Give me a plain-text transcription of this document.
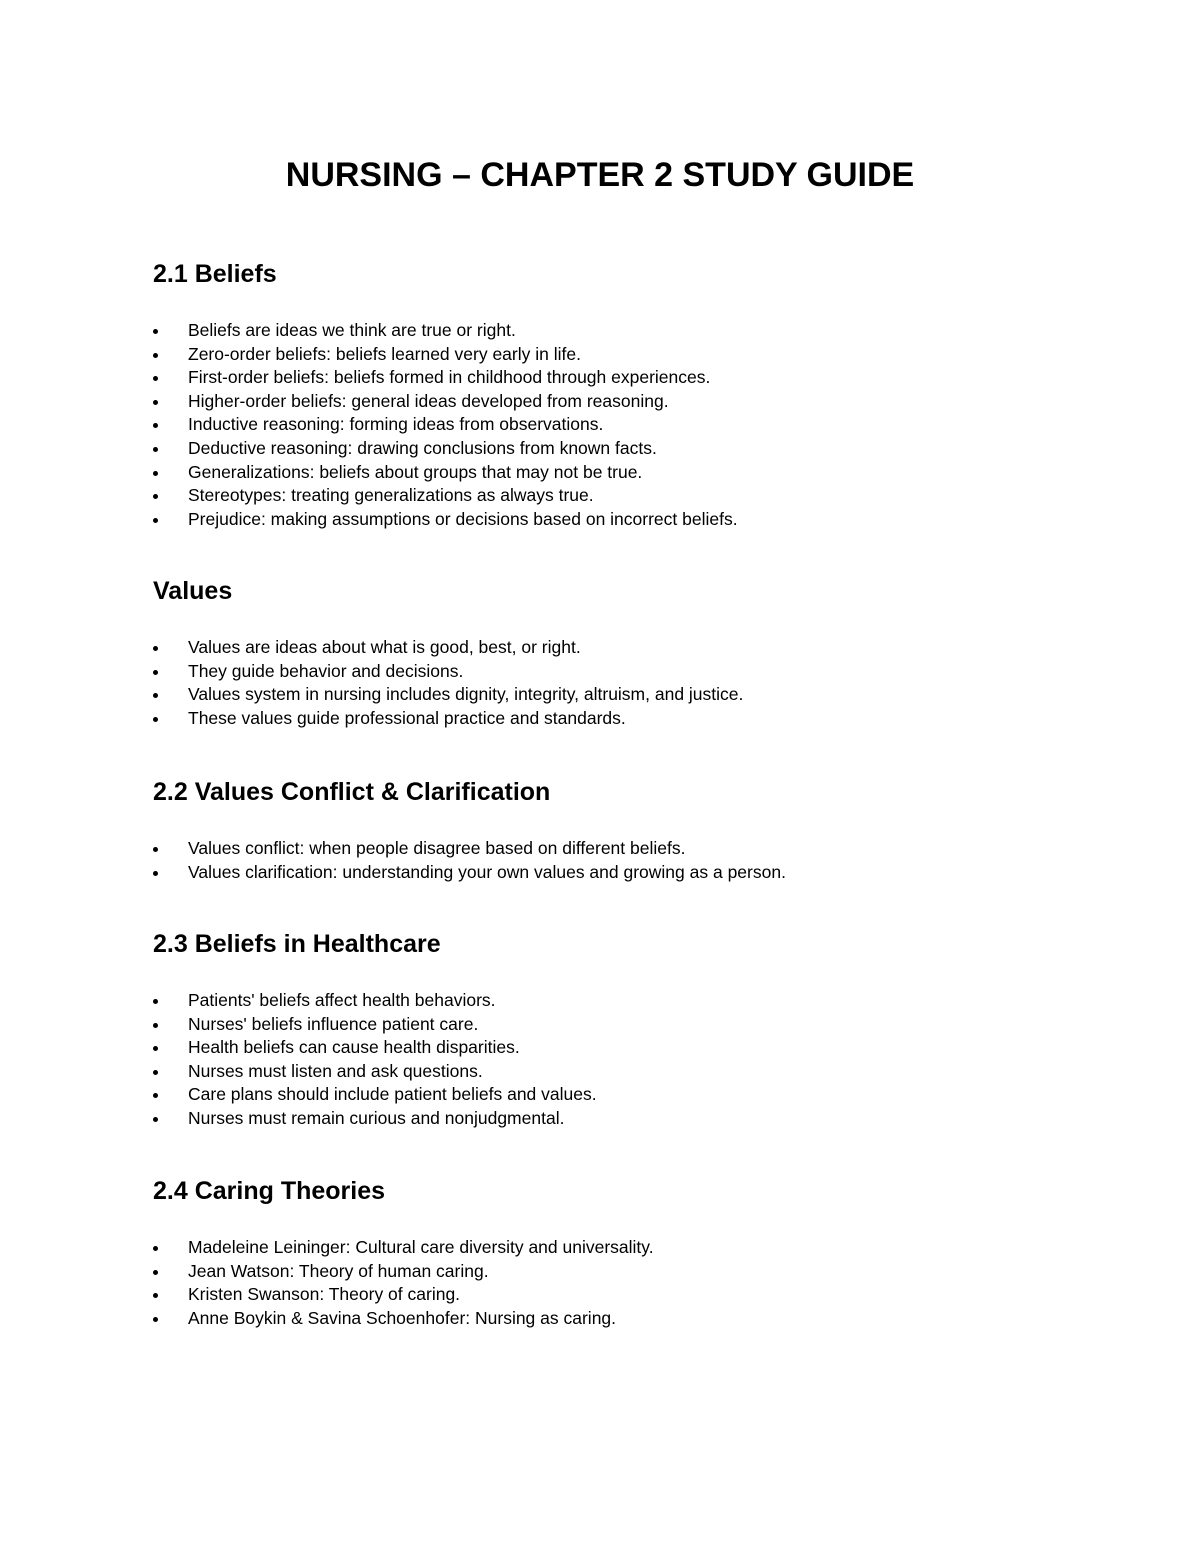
NURSING – CHAPTER 2 STUDY GUIDE
2.1 Beliefs
Beliefs are ideas we think are true or right.
Zero-order beliefs: beliefs learned very early in life.
First-order beliefs: beliefs formed in childhood through experiences.
Higher-order beliefs: general ideas developed from reasoning.
Inductive reasoning: forming ideas from observations.
Deductive reasoning: drawing conclusions from known facts.
Generalizations: beliefs about groups that may not be true.
Stereotypes: treating generalizations as always true.
Prejudice: making assumptions or decisions based on incorrect beliefs.
Values
Values are ideas about what is good, best, or right.
They guide behavior and decisions.
Values system in nursing includes dignity, integrity, altruism, and justice.
These values guide professional practice and standards.
2.2 Values Conflict & Clarification
Values conflict: when people disagree based on different beliefs.
Values clarification: understanding your own values and growing as a person.
2.3 Beliefs in Healthcare
Patients' beliefs affect health behaviors.
Nurses' beliefs influence patient care.
Health beliefs can cause health disparities.
Nurses must listen and ask questions.
Care plans should include patient beliefs and values.
Nurses must remain curious and nonjudgmental.
2.4 Caring Theories
Madeleine Leininger: Cultural care diversity and universality.
Jean Watson: Theory of human caring.
Kristen Swanson: Theory of caring.
Anne Boykin & Savina Schoenhofer: Nursing as caring.
